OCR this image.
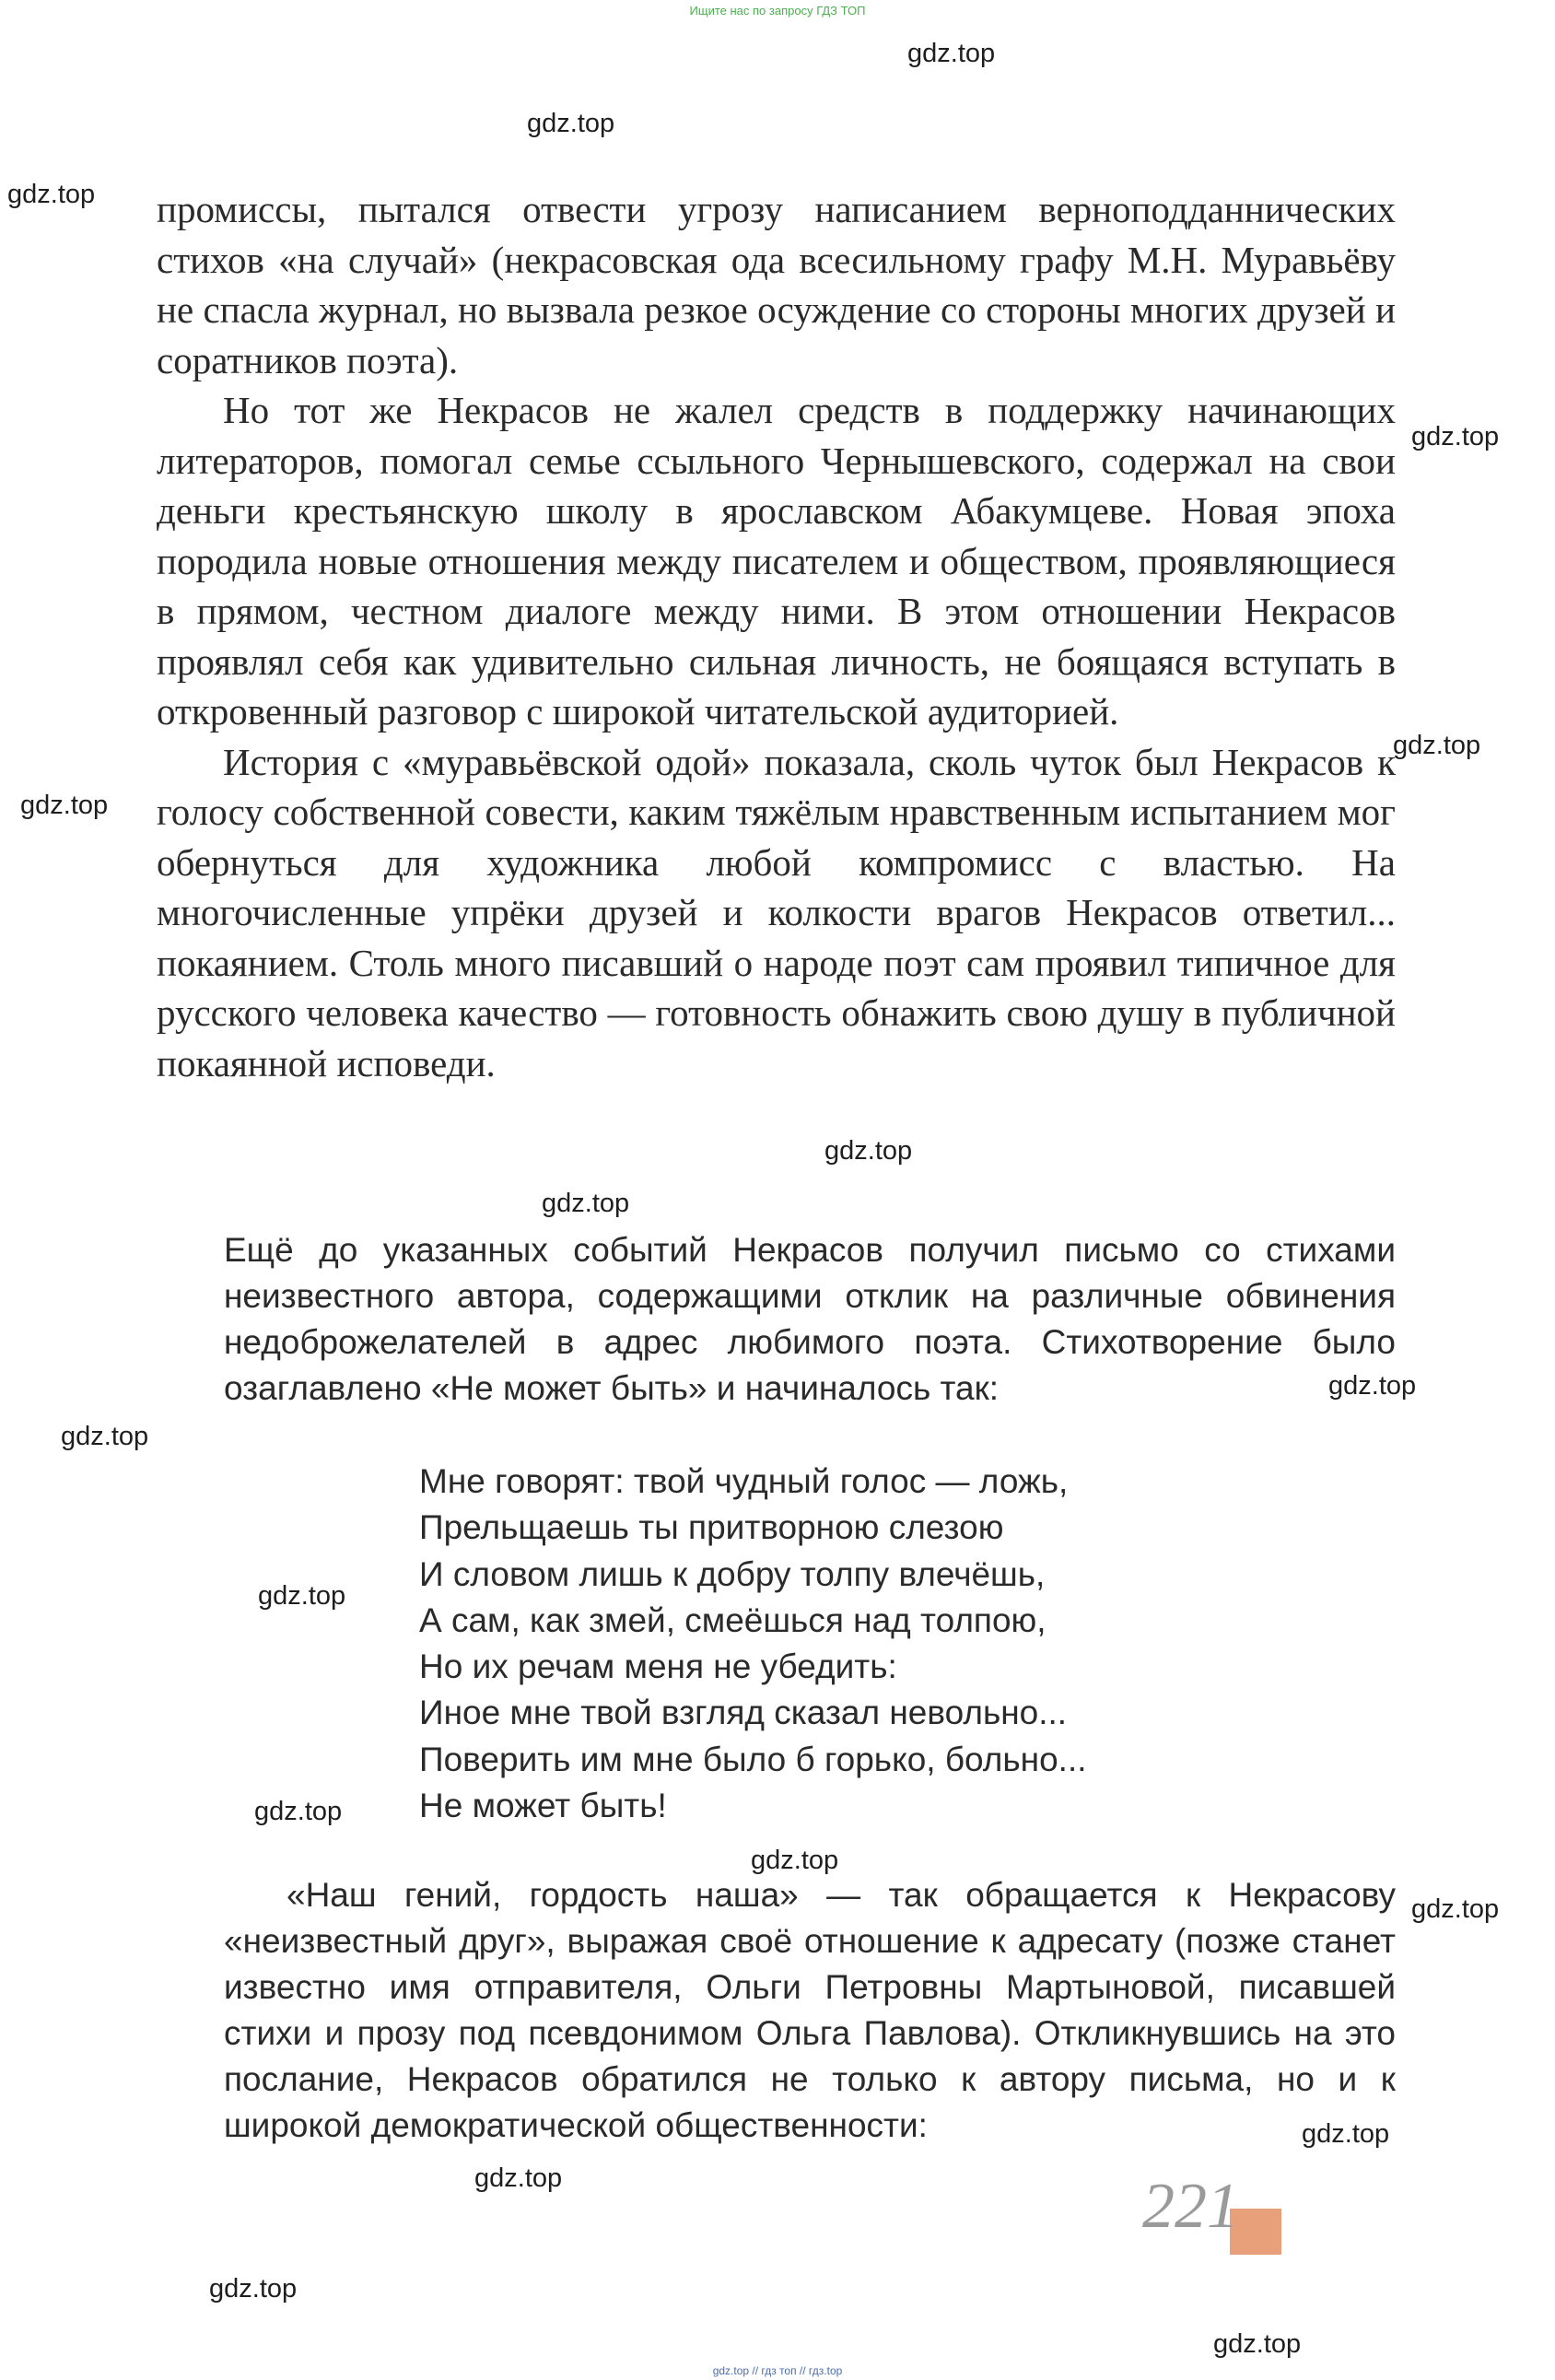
Ищите нас по запросу ГДЗ ТОП
gdz.top
gdz.top
gdz.top
gdz.top
gdz.top
gdz.top
gdz.top
gdz.top
gdz.top
gdz.top
gdz.top
gdz.top
gdz.top
gdz.top
gdz.top
gdz.top
gdz.top
gdz.top

промиссы, пытался отвести угрозу написанием верноподданнических стихов «на случай» (некрасовская ода всесильному графу М.Н. Муравьёву не спасла журнал, но вызвала резкое осуждение со стороны многих друзей и соратников поэта).

Но тот же Некрасов не жалел средств в поддержку начинающих литераторов, помогал семье ссыльного Чернышевского, содержал на свои деньги крестьянскую школу в ярославском Абакумцеве. Новая эпоха породила новые отношения между писателем и обществом, проявляющиеся в прямом, честном диалоге между ними. В этом отношении Некрасов проявлял себя как удивительно сильная личность, не боящаяся вступать в откровенный разговор с широкой читательской аудиторией.

История с «муравьёвской одой» показала, сколь чуток был Некрасов к голосу собственной совести, каким тяжёлым нравственным испытанием мог обернуться для художника любой компромисс с властью. На многочисленные упрёки друзей и колкости врагов Некрасов ответил... покаянием. Столь много писавший о народе поэт сам проявил типичное для русского человека качество — готовность обнажить свою душу в публичной покаянной исповеди.

Ещё до указанных событий Некрасов получил письмо со стихами неизвестного автора, содержащими отклик на различные обвинения недоброжелателей в адрес любимого поэта. Стихотворение было озаглавлено «Не может быть» и начиналось так:

Мне говорят: твой чудный голос — ложь,
Прельщаешь ты притворною слезою
И словом лишь к добру толпу влечёшь,
А сам, как змей, смеёшься над толпою,
Но их речам меня не убедить:
Иное мне твой взгляд сказал невольно...
Поверить им мне было б горько, больно...
Не может быть!

«Наш гений, гордость наша» — так обращается к Некрасову «неизвестный друг», выражая своё отношение к адресату (позже станет известно имя отправителя, Ольги Петровны Мартыновой, писавшей стихи и прозу под псевдонимом Ольга Павлова). Откликнувшись на это послание, Некрасов обратился не только к автору письма, но и к широкой демократической общественности:

221
gdz.top // гдз топ // гдз.top
